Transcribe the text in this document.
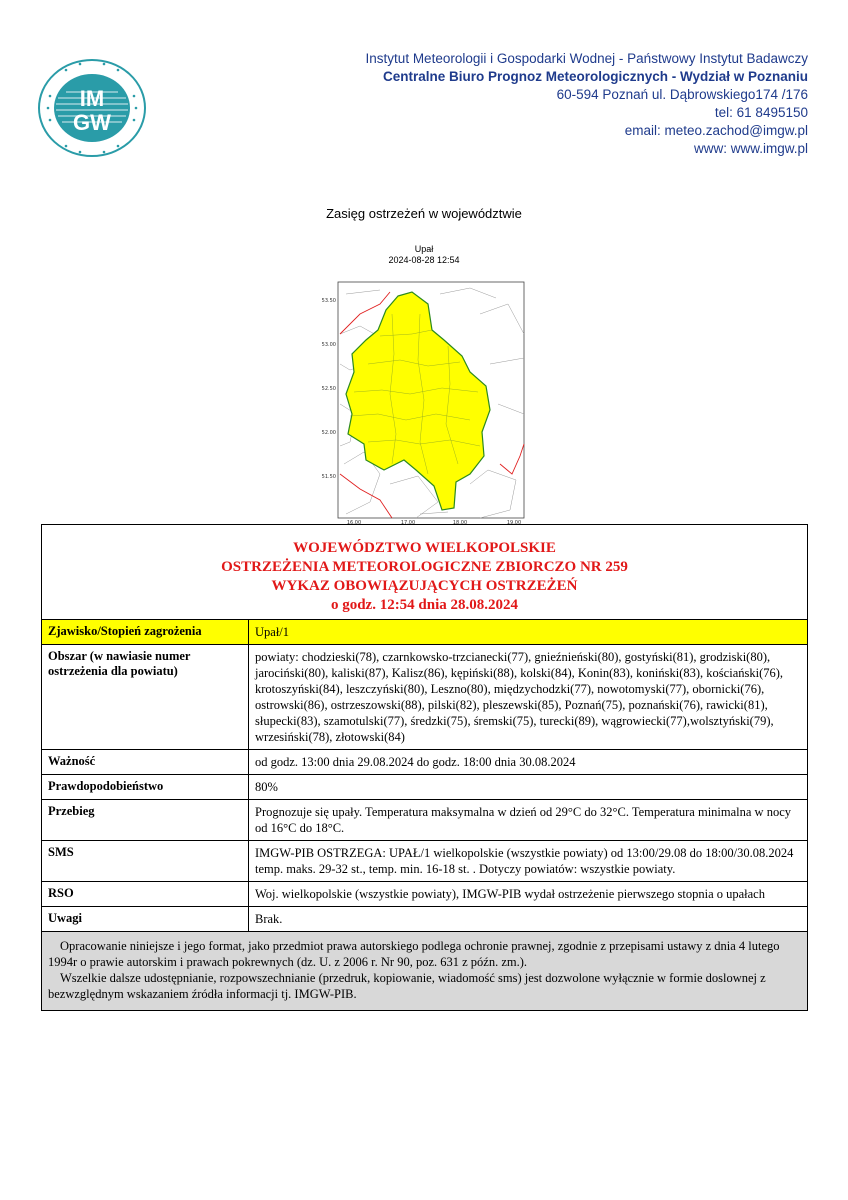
IM
GW
Instytut Meteorologii i Gospodarki Wodnej - Państwowy Instytut Badawczy
Centralne Biuro Prognoz Meteorologicznych - Wydział w Poznaniu
60-594 Poznań ul. Dąbrowskiego174 /176
tel: 61 8495150
email: meteo.zachod@imgw.pl
www: www.imgw.pl
Zasięg ostrzeżeń w województwie
Upał
2024-08-28 12:54
53.50
53.00
52.50
52.00
51.50
16.00	17.00	18.00	19.00
WOJEWÓDZTWO WIELKOPOLSKIE
OSTRZEŻENIA METEOROLOGICZNE ZBIORCZO NR 259
WYKAZ OBOWIĄZUJĄCYCH OSTRZEŻEŃ
o godz. 12:54 dnia 28.08.2024	

Zjawisko/Stopień zagrożenia	Upał/1
Obszar (w nawiasie numer ostrzeżenia dla powiatu)	powiaty: chodzieski(78), czarnkowsko-trzcianecki(77), gnieźnieński(80), gostyński(81), grodziski(80), jarociński(80), kaliski(87), Kalisz(86), kępiński(88), kolski(84), Konin(83), koniński(83), kościański(76), krotoszyński(84), leszczyński(80), Leszno(80), międzychodzki(77), nowotomyski(77), obornicki(76), ostrowski(86), ostrzeszowski(88), pilski(82), pleszewski(85), Poznań(75), poznański(76), rawicki(81), słupecki(83), szamotulski(77), średzki(75), śremski(75), turecki(89), wągrowiecki(77),wolsztyński(79), wrzesiński(78), złotowski(84)
Ważność	od godz. 13:00 dnia 29.08.2024 do godz. 18:00 dnia 30.08.2024
Prawdopodobieństwo	80%
Przebieg	Prognozuje się upały. Temperatura maksymalna w dzień od 29°C do 32°C. Temperatura minimalna w nocy od 16°C do 18°C.
SMS	IMGW-PIB OSTRZEGA: UPAŁ/1 wielkopolskie (wszystkie powiaty) od 13:00/29.08 do 18:00/30.08.2024 temp. maks. 29-32 st., temp. min. 16-18 st. . Dotyczy powiatów: wszystkie powiaty.
RSO	Woj. wielkopolskie (wszystkie powiaty), IMGW-PIB wydał ostrzeżenie pierwszego stopnia o upałach
Uwagi	Brak.

Opracowanie niniejsze i jego format, jako przedmiot prawa autorskiego podlega ochronie prawnej, zgodnie z przepisami ustawy z dnia 4 lutego 1994r o prawie autorskim i prawach pokrewnych (dz. U. z 2006 r. Nr 90, poz. 631 z późn. zm.).

Wszelkie dalsze udostępnianie, rozpowszechnianie (przedruk, kopiowanie, wiadomość sms) jest dozwolone wyłącznie w formie doslownej z bezwzględnym wskazaniem źródła informacji tj. IMGW-PIB.	
